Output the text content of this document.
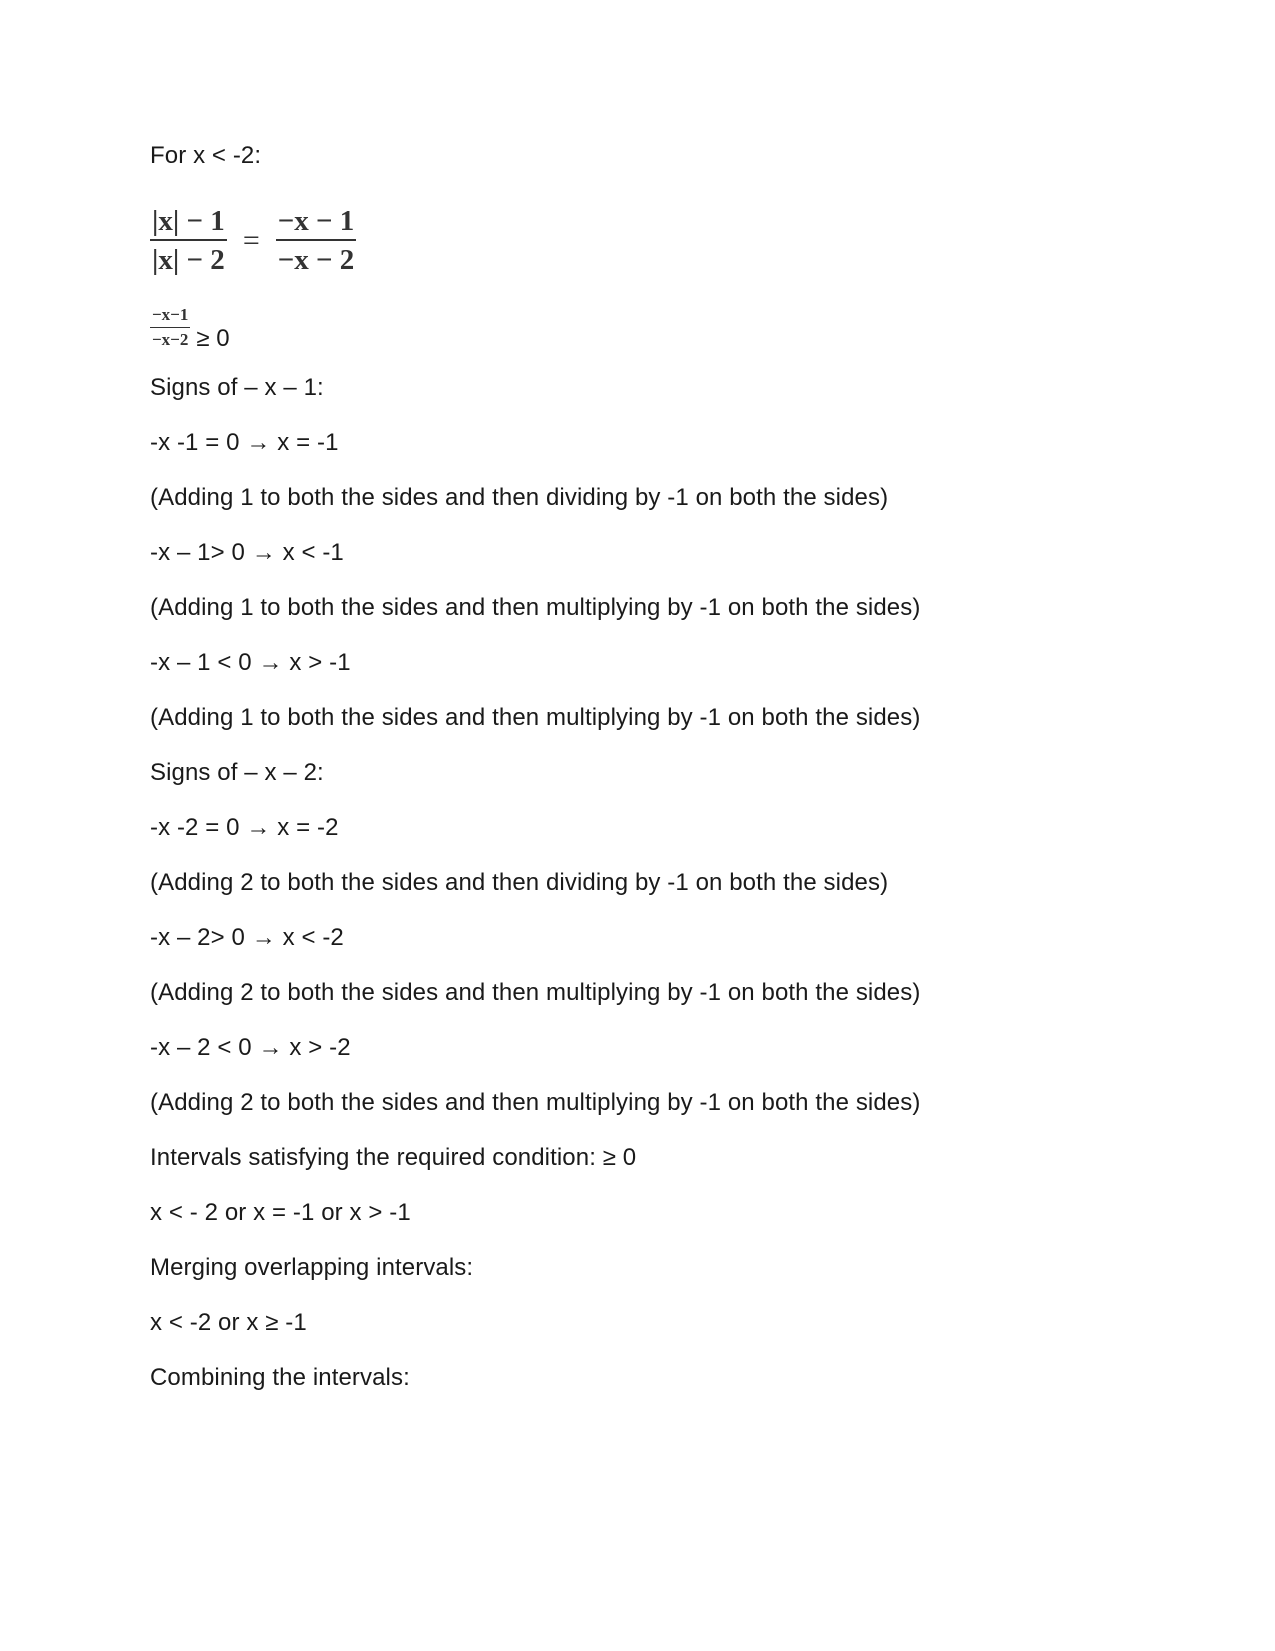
For x < -2:
$\frac{|x| - 1}{|x| - 2} = \frac{-x - 1}{-x - 2}$
$\frac{-x-1}{-x-2} \ge 0$
Signs of – x – 1:
-x -1 = 0 → x = -1
(Adding 1 to both the sides and then dividing by -1 on both the sides)
-x – 1> 0 → x < -1
(Adding 1 to both the sides and then multiplying by -1 on both the sides)
-x – 1 < 0 → x > -1
(Adding 1 to both the sides and then multiplying by -1 on both the sides)
Signs of – x – 2:
-x -2 = 0 → x = -2
(Adding 2 to both the sides and then dividing by -1 on both the sides)
-x – 2> 0 → x < -2
(Adding 2 to both the sides and then multiplying by -1 on both the sides)
-x – 2 < 0 → x > -2
(Adding 2 to both the sides and then multiplying by -1 on both the sides)
Intervals satisfying the required condition: ≥ 0
x < - 2 or x = -1 or x > -1
Merging overlapping intervals:
x < -2 or x ≥ -1
Combining the intervals:
